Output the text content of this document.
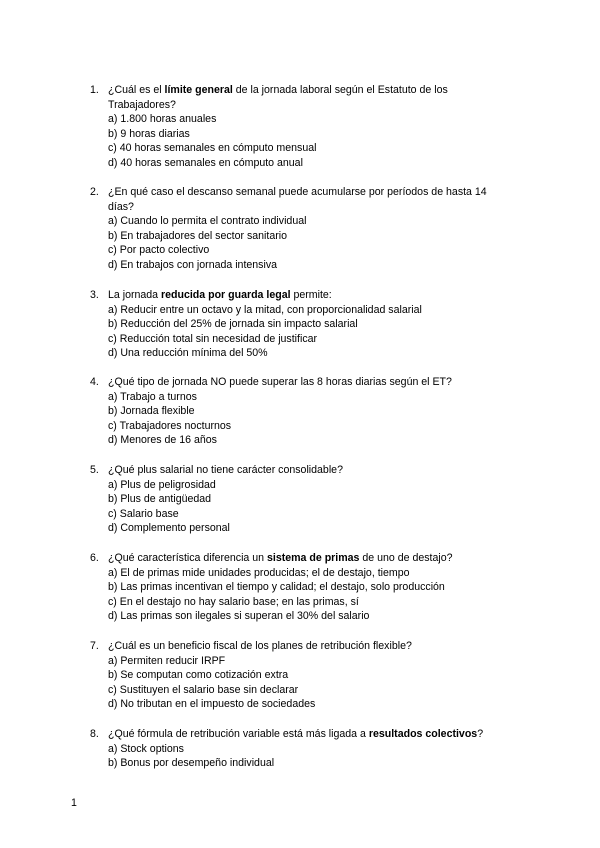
1. ¿Cuál es el límite general de la jornada laboral según el Estatuto de los Trabajadores?
a) 1.800 horas anuales
b) 9 horas diarias
c) 40 horas semanales en cómputo mensual
d) 40 horas semanales en cómputo anual
2. ¿En qué caso el descanso semanal puede acumularse por períodos de hasta 14 días?
a) Cuando lo permita el contrato individual
b) En trabajadores del sector sanitario
c) Por pacto colectivo
d) En trabajos con jornada intensiva
3. La jornada reducida por guarda legal permite:
a) Reducir entre un octavo y la mitad, con proporcionalidad salarial
b) Reducción del 25% de jornada sin impacto salarial
c) Reducción total sin necesidad de justificar
d) Una reducción mínima del 50%
4. ¿Qué tipo de jornada NO puede superar las 8 horas diarias según el ET?
a) Trabajo a turnos
b) Jornada flexible
c) Trabajadores nocturnos
d) Menores de 16 años
5. ¿Qué plus salarial no tiene carácter consolidable?
a) Plus de peligrosidad
b) Plus de antigüedad
c) Salario base
d) Complemento personal
6. ¿Qué característica diferencia un sistema de primas de uno de destajo?
a) El de primas mide unidades producidas; el de destajo, tiempo
b) Las primas incentivan el tiempo y calidad; el destajo, solo producción
c) En el destajo no hay salario base; en las primas, sí
d) Las primas son ilegales si superan el 30% del salario
7. ¿Cuál es un beneficio fiscal de los planes de retribución flexible?
a) Permiten reducir IRPF
b) Se computan como cotización extra
c) Sustituyen el salario base sin declarar
d) No tributan en el impuesto de sociedades
8. ¿Qué fórmula de retribución variable está más ligada a resultados colectivos?
a) Stock options
b) Bonus por desempeño individual
1
